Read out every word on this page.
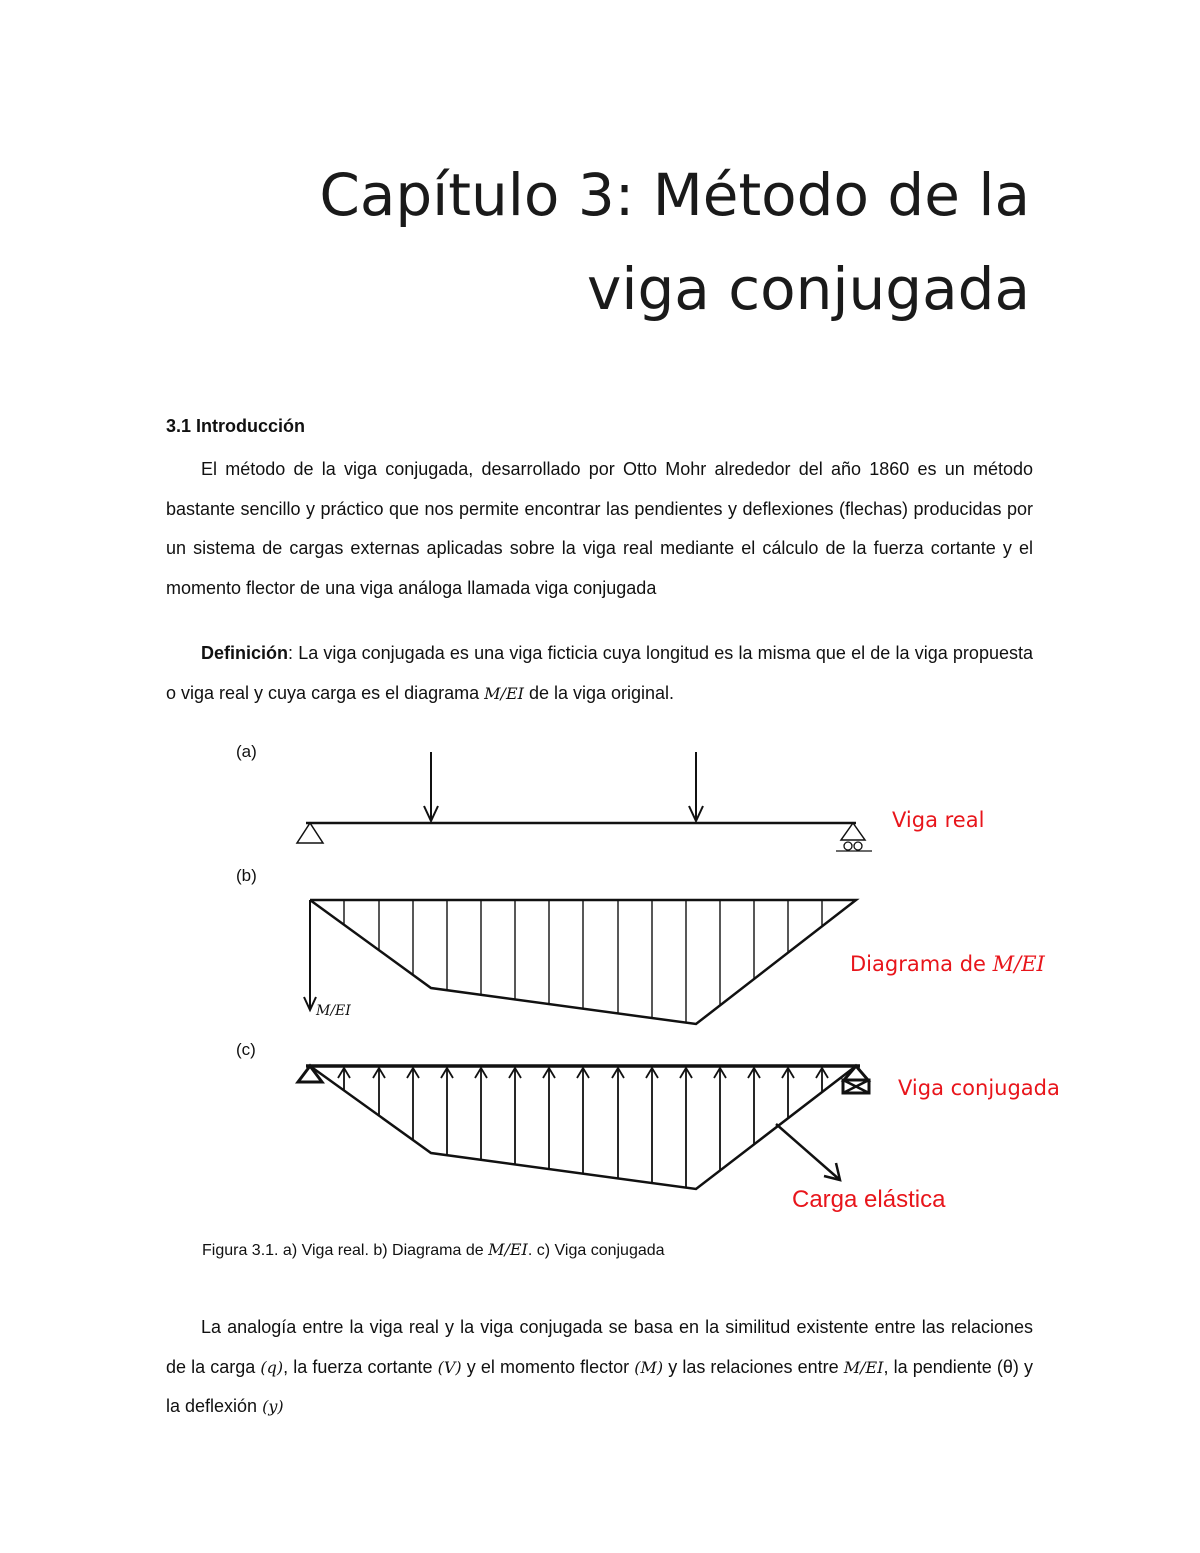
Capítulo 3: Método de la
viga conjugada
3.1 Introducción

El método de la viga conjugada, desarrollado por Otto Mohr alrededor del año 1860 es un método bastante sencillo y práctico que nos permite encontrar las pendientes y deflexiones (flechas) producidas por un sistema de cargas externas aplicadas sobre la viga real mediante el cálculo de la fuerza cortante y el momento flector de una viga análoga llamada viga conjugada

Definición: La viga conjugada es una viga ficticia cuya longitud es la misma que el de la viga propuesta o viga real y cuya carga es el diagrama M/EI de la viga original.

(a)
(b)
(c)
Viga real
Diagrama de M/EI
Viga conjugada
Carga elástica
M/EI

Figura 3.1. a) Viga real. b) Diagrama de M/EI. c) Viga conjugada

La analogía entre la viga real y la viga conjugada se basa en la similitud existente entre las relaciones de la carga (q), la fuerza cortante (V) y el momento flector (M) y las relaciones entre M/EI, la pendiente (θ) y la deflexión (y)
